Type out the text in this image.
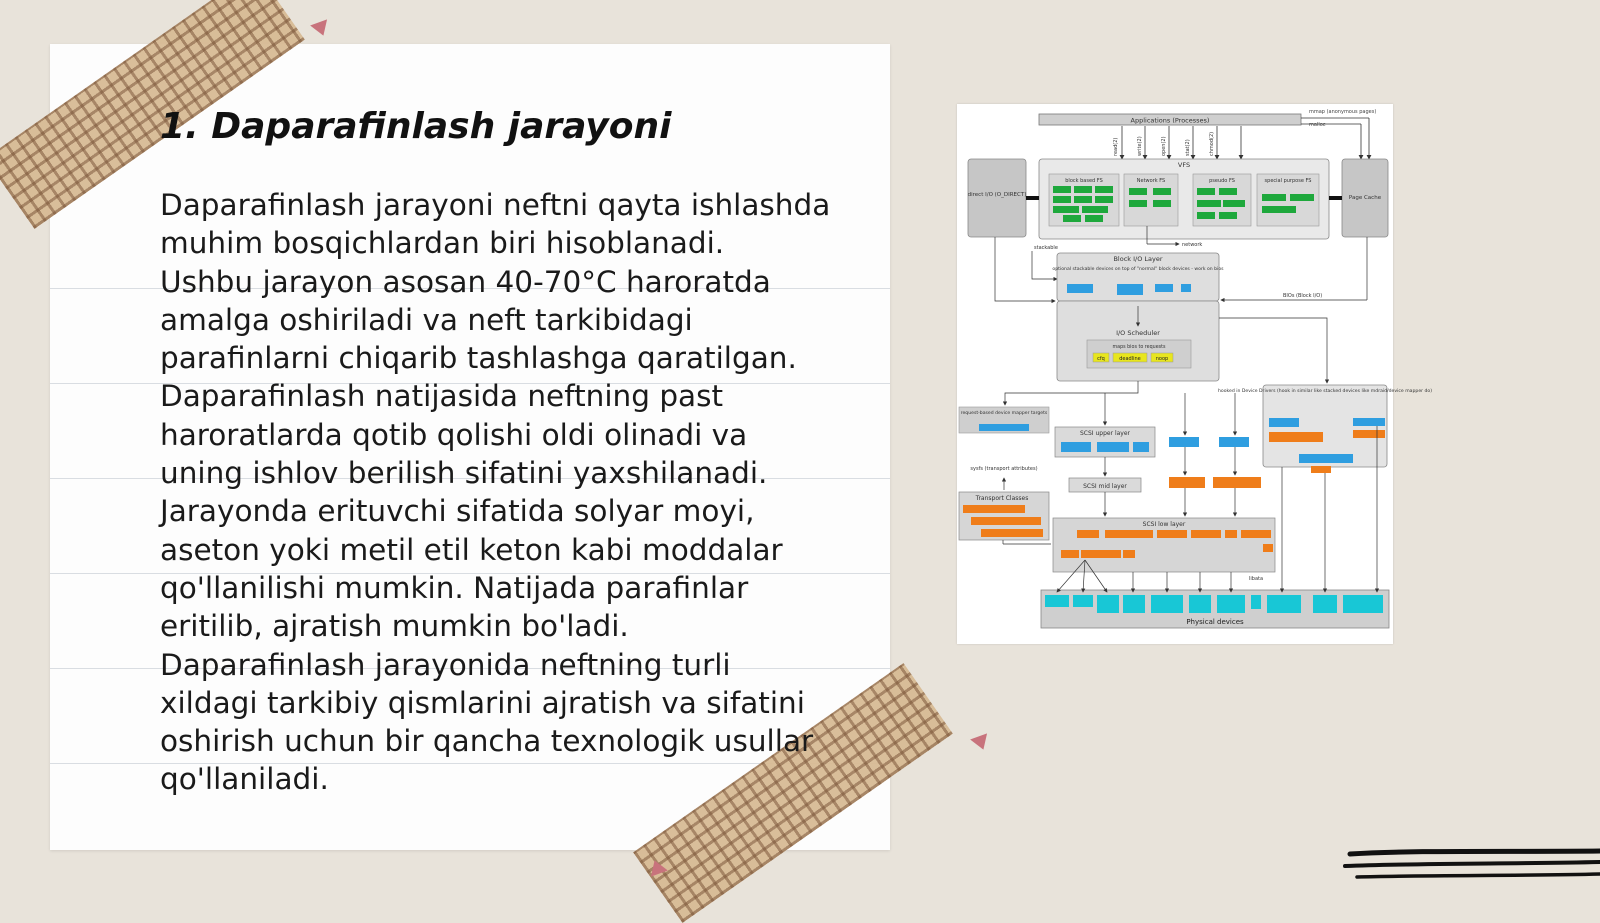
1. Daparafinlash jarayoni
Daparafinlash jarayoni neftni qayta ishlashda
muhim bosqichlardan biri hisoblanadi.
Ushbu jarayon asosan 40-70°C haroratda
amalga oshiriladi va neft tarkibidagi
parafinlarni chiqarib tashlashga qaratilgan.
Daparafinlash natijasida neftning past
haroratlarda qotib qolishi oldi olinadi va
uning ishlov berilish sifatini yaxshilanadi.
Jarayonda erituvchi sifatida solyar moyi,
aseton yoki metil etil keton kabi moddalar
qo'llanilishi mumkin. Natijada parafinlar
eritilib, ajratish mumkin bo'ladi.
Daparafinlash jarayonida neftning turli
xildagi tarkibiy qismlarini ajratish va sifatini
oshirish uchun bir qancha texnologik usullar
qo'llaniladi.
Applications (Processes)
mmap (anonymous pages)
malloc
read(2)	write(2)	open(2)	stat(2)	chmod(2)
VFS
direct I/O (O_DIRECT)	Page Cache
block based FS	Network FS	pseudo FS	special purpose FS
network
stackable
Block I/O Layer
optional stackable devices on top of "normal" block devices - work on bios
BIOs (Block I/O)
I/O Scheduler
maps bios to requests
cfq	deadline	noop
hooked in Device Drivers (hook in similar like stacked devices like mdraid/device mapper do)
request-based device mapper targets
SCSI upper layer
SCSI mid layer
sysfs (transport attributes)
Transport Classes
SCSI low layer
libata
Physical devices
